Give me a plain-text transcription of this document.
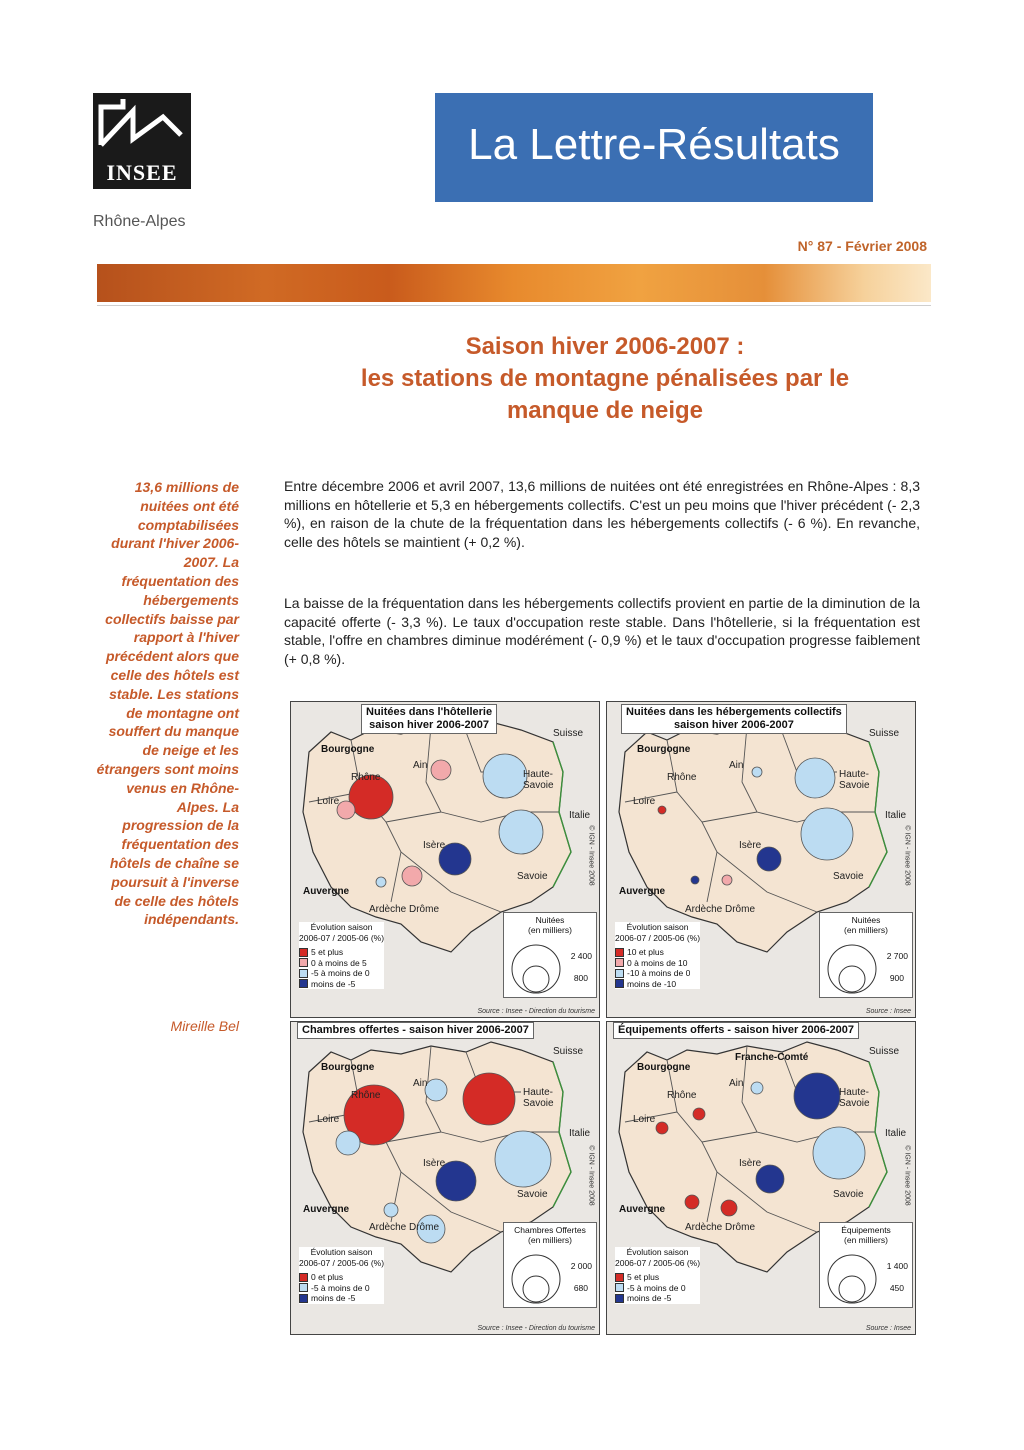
INSEE
Rhône-Alpes
La Lettre-Résultats
N° 87 - Février 2008
Saison hiver 2006-2007 :
les stations de montagne pénalisées par le
manque de neige
13,6 millions de nuitées ont été comptabilisées durant l'hiver 2006-2007. La fréquentation des hébergements collectifs baisse par rapport à l'hiver précédent alors que celle des hôtels est stable. Les stations de montagne ont souffert du manque de neige et les étrangers sont moins venus en Rhône-Alpes. La progression de la fréquentation des hôtels de chaîne se poursuit à l'inverse de celle des hôtels indépendants.
Mireille Bel
Entre décembre 2006 et avril 2007, 13,6 millions de nuitées ont été enregistrées en Rhône-Alpes : 8,3 millions en hôtellerie et 5,3 en hébergements collectifs. C'est un peu moins que l'hiver précédent (- 2,3 %), en raison de la chute de la fréquentation dans les hébergements collectifs (- 6 %). En revanche, celle des hôtels se maintient (+ 0,2 %).
La baisse de la fréquentation dans les hébergements collectifs provient en partie de la diminution de la capacité offerte (- 3,3 %). Le taux d'occupation reste stable. Dans l'hôtellerie, si la fréquentation est stable, l'offre en chambres diminue modérément (- 0,9 %) et le taux d'occupation progresse faiblement (+ 0,8 %).
Nuitées dans l'hôtellerie
saison hiver 2006-2007
Bourgogne
Suisse
Ain
Rhône
Loire
Haute-
Savoie
Italie
Isère
Savoie
Auvergne
Ardèche Drôme
Évolution saison
2006-07 / 2005-06 (%)
5 et plus
0 à moins de 5
-5 à moins de 0
moins de -5
Nuitées
(en milliers)
2 400
800
Source : Insee - Direction du tourisme
© IGN - Insee 2008
Nuitées dans les hébergements collectifs
saison hiver 2006-2007
Bourgogne
Suisse
Ain
Rhône
Loire
Haute-
Savoie
Italie
Isère
Savoie
Auvergne
Ardèche Drôme
Évolution saison
2006-07 / 2005-06 (%)
10 et plus
0 à moins de 10
-10 à moins de 0
moins de -10
Nuitées
(en milliers)
2 700
900
Source : Insee
© IGN - Insee 2008
Chambres offertes - saison hiver 2006-2007
Bourgogne
Suisse
Ain
Rhône
Loire
Haute-
Savoie
Italie
Isère
Savoie
Auvergne
Ardèche Drôme
Évolution saison
2006-07 / 2005-06 (%)
0 et plus
-5 à moins de 0
moins de -5
Chambres Offertes
(en milliers)
2 000
680
Source : Insee - Direction du tourisme
© IGN - Insee 2008
Équipements offerts - saison hiver 2006-2007
Bourgogne
Franche-Comté
Suisse
Ain
Rhône
Loire
Haute-
Savoie
Italie
Isère
Savoie
Auvergne
Ardèche Drôme
Évolution saison
2006-07 / 2005-06 (%)
5 et plus
-5 à moins de 0
moins de -5
Équipements
(en milliers)
1 400
450
Source : Insee
© IGN - Insee 2008
